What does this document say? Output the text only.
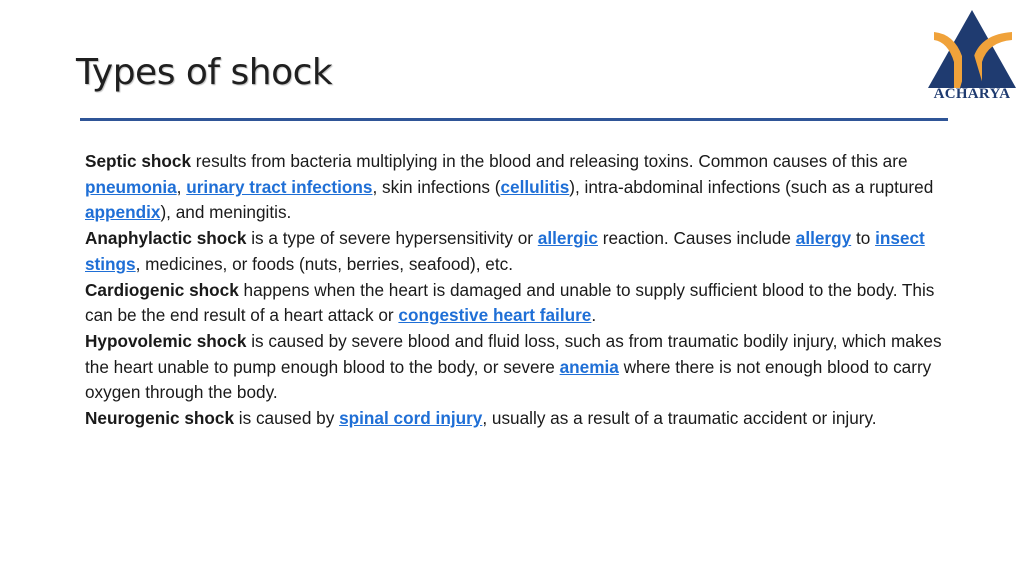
Types of shock
ACHARYA

Septic shock results from bacteria multiplying in the blood and releasing toxins. Common causes of this are pneumonia, urinary tract infections, skin infections (cellulitis), intra-abdominal infections (such as a ruptured appendix), and meningitis.

Anaphylactic shock is a type of severe hypersensitivity or allergic reaction. Causes include allergy to insect stings, medicines, or foods (nuts, berries, seafood), etc.

Cardiogenic shock happens when the heart is damaged and unable to supply sufficient blood to the body. This can be the end result of a heart attack or congestive heart failure.

Hypovolemic shock is caused by severe blood and fluid loss, such as from traumatic bodily injury, which makes the heart unable to pump enough blood to the body, or severe anemia where there is not enough blood to carry oxygen through the body.

Neurogenic shock is caused by spinal cord injury, usually as a result of a traumatic accident or injury.
